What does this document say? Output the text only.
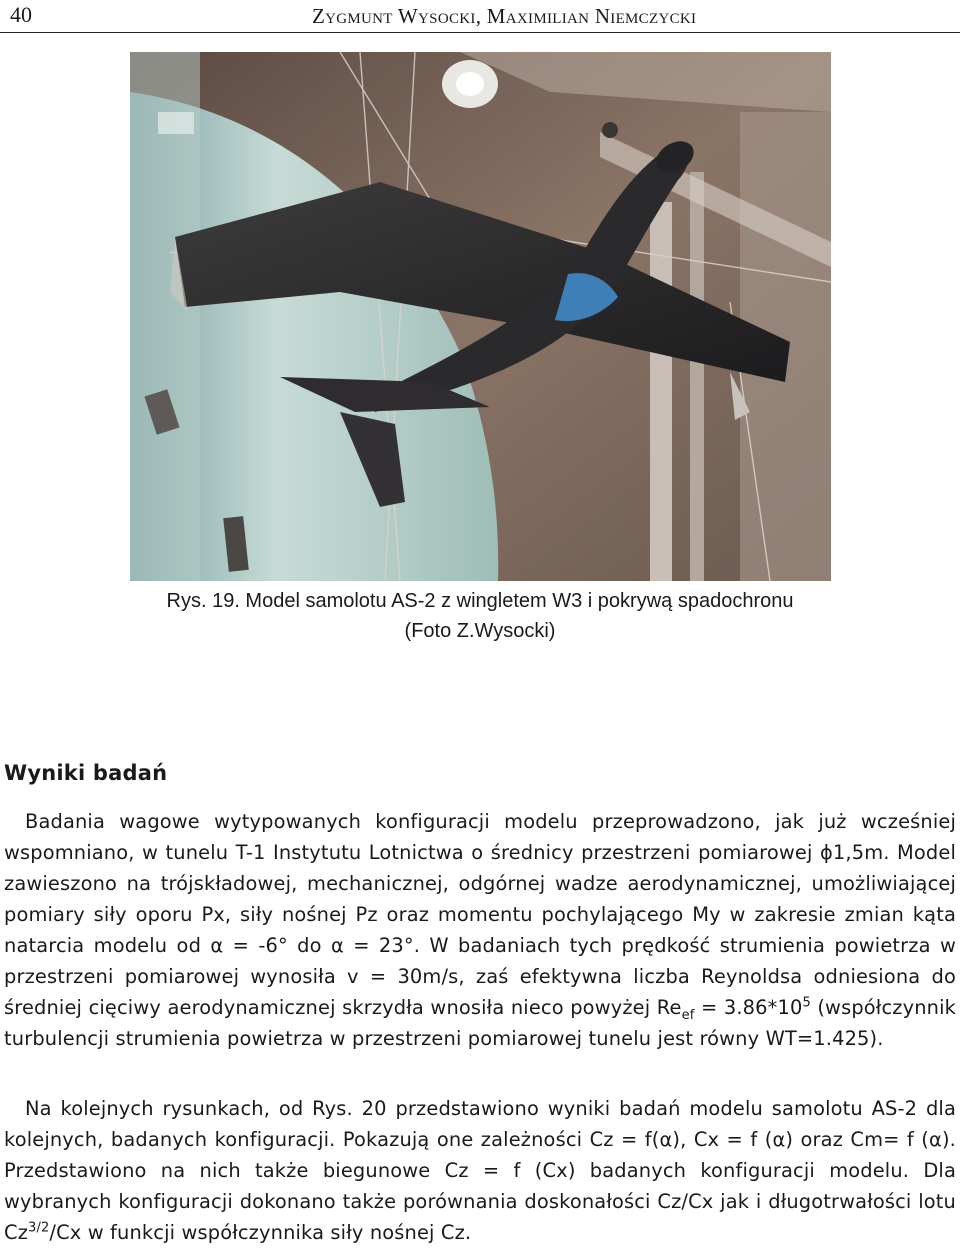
40	Zygmunt Wysocki, Maximilian Niemczycki
Rys. 19. Model samolotu AS-2 z wingletem W3 i pokrywą spadochronu
(Foto Z.Wysocki)
Wyniki badań
Badania wagowe wytypowanych konfiguracji modelu przeprowadzono, jak już wcześniej wspomniano, w tunelu T-1 Instytutu Lotnictwa o średnicy przestrzeni pomiarowej ϕ1,5m. Model zawieszono na trójskładowej, mechanicznej, odgórnej wadze aerodynamicznej, umożliwiającej pomiary siły oporu Px, siły nośnej Pz oraz momentu pochylającego My w zakresie zmian kąta natarcia modelu od α = -6° do α = 23°. W badaniach tych prędkość strumienia powietrza w przestrzeni pomiarowej wynosiła v = 30m/s, zaś efektywna liczba Reynoldsa odniesiona do średniej cięciwy aerodynamicznej skrzydła wnosiła nieco powyżej $Re_{ef} = 3.86*10^5$ (współczynnik turbulencji strumienia powietrza w przestrzeni pomiarowej tunelu jest równy WT=1.425).
Na kolejnych rysunkach, od Rys. 20 przedstawiono wyniki badań modelu samolotu AS-2 dla kolejnych, badanych konfiguracji. Pokazują one zależności Cz = f(α), Cx = f (α) oraz Cm= f (α). Przedstawiono na nich także biegunowe Cz = f (Cx) badanych konfiguracji modelu. Dla wybranych konfiguracji dokonano także porównania doskonałości Cz/Cx jak i długotrwałości lotu $Cz^{3/2}/Cx$ w funkcji współczynnika siły nośnej Cz.
